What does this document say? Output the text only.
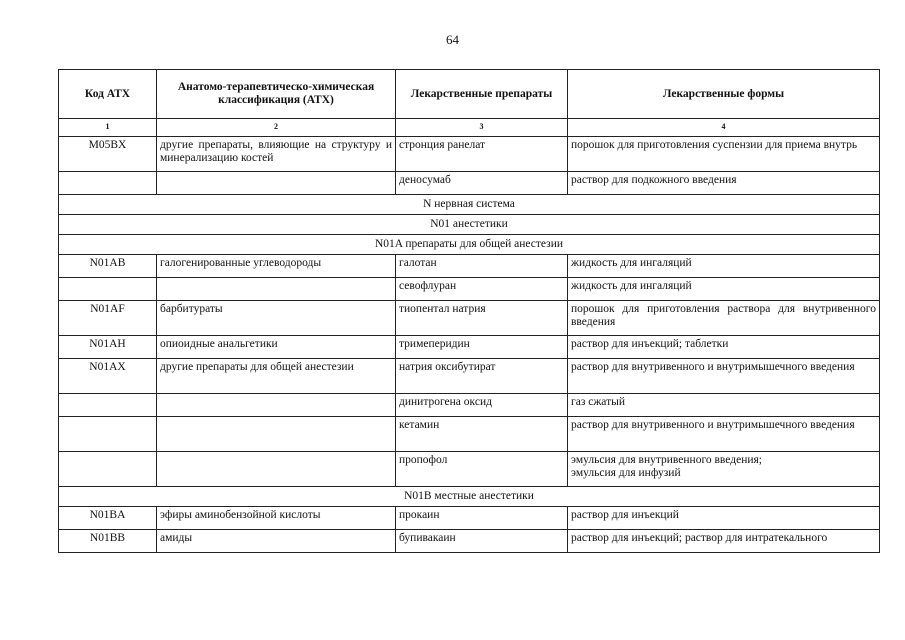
64
Код АТХ	Анатомо-терапевтическо-химическая классификация (АТХ)	Лекарственные препараты	Лекарственные формы
1	2	3	4
M05BX	другие препараты, влияющие на структуру и минерализацию костей	стронция ранелат	порошок для приготовления суспензии для приема внутрь
		деносумаб	раствор для подкожного введения
N нервная система			
N01 анестетики			
N01A препараты для общей анестезии			
N01AB	галогенированные углеводороды	галотан	жидкость для ингаляций
		севофлуран	жидкость для ингаляций
N01AF	барбитураты	тиопентал натрия	порошок для приготовления раствора для внутривенного введения
N01AH	опиоидные анальгетики	тримеперидин	раствор для инъекций; таблетки
N01AX	другие препараты для общей анестезии	натрия оксибутират	раствор для внутривенного и внутримышечного введения
		динитрогена оксид	газ сжатый
		кетамин	раствор для внутривенного и внутримышечного введения
		пропофол	эмульсия для внутривенного введения;
эмульсия для инфузий
N01B местные анестетики			
N01BA	эфиры аминобензойной кислоты	прокаин	раствор для инъекций
N01BB	амиды	бупивакаин	раствор для инъекций; раствор для интратекального
